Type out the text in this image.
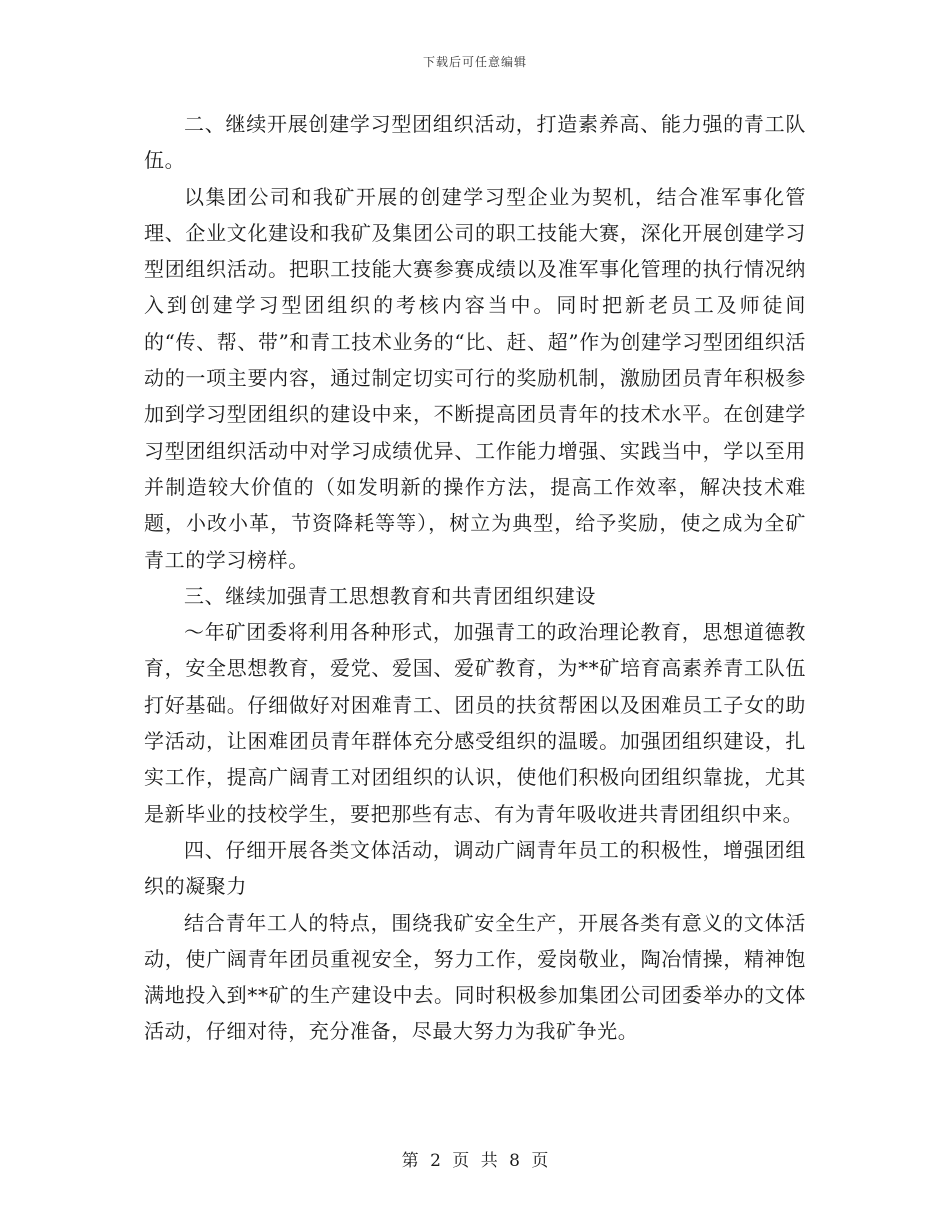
下载后可任意编辑

二、继续开展创建学习型团组织活动，打造素养高、能力强的青工队伍。

以集团公司和我矿开展的创建学习型企业为契机，结合准军事化管理、企业文化建设和我矿及集团公司的职工技能大赛，深化开展创建学习型团组织活动。把职工技能大赛参赛成绩以及准军事化管理的执行情况纳入到创建学习型团组织的考核内容当中。同时把新老员工及师徒间的“传、帮、带”和青工技术业务的“比、赶、超”作为创建学习型团组织活动的一项主要内容，通过制定切实可行的奖励机制，激励团员青年积极参加到学习型团组织的建设中来，不断提高团员青年的技术水平。在创建学习型团组织活动中对学习成绩优异、工作能力增强、实践当中，学以至用并制造较大价值的（如发明新的操作方法，提高工作效率，解决技术难题，小改小革，节资降耗等等），树立为典型，给予奖励，使之成为全矿青工的学习榜样。

三、继续加强青工思想教育和共青团组织建设

～年矿团委将利用各种形式，加强青工的政治理论教育，思想道德教育，安全思想教育，爱党、爱国、爱矿教育，为**矿培育高素养青工队伍打好基础。仔细做好对困难青工、团员的扶贫帮困以及困难员工子女的助学活动，让困难团员青年群体充分感受组织的温暖。加强团组织建设，扎实工作，提高广阔青工对团组织的认识，使他们积极向团组织靠拢，尤其是新毕业的技校学生，要把那些有志、有为青年吸收进共青团组织中来。

四、仔细开展各类文体活动，调动广阔青年员工的积极性，增强团组织的凝聚力

结合青年工人的特点，围绕我矿安全生产，开展各类有意义的文体活动，使广阔青年团员重视安全，努力工作，爱岗敬业，陶冶情操，精神饱满地投入到**矿的生产建设中去。同时积极参加集团公司团委举办的文体活动，仔细对待，充分准备，尽最大努力为我矿争光。

第 2 页 共 8 页
